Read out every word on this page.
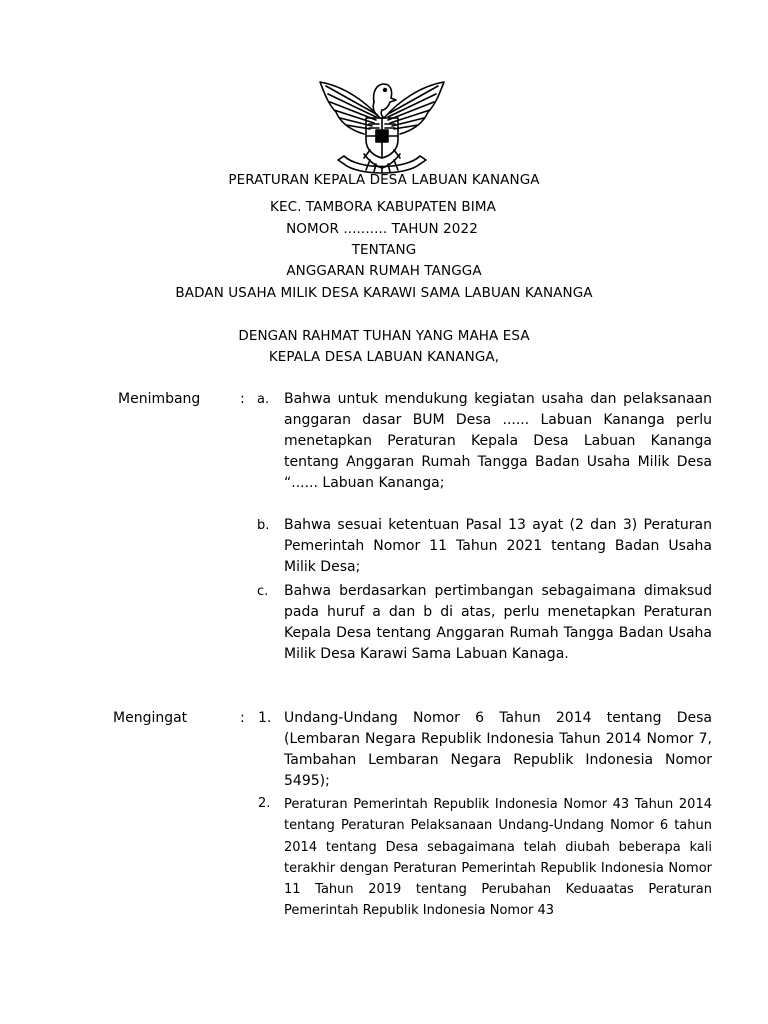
PERATURAN KEPALA DESA LABUAN KANANGA
KEC. TAMBORA KABUPATEN BIMA
NOMOR .......... TAHUN 2022
TENTANG
ANGGARAN RUMAH TANGGA
BADAN USAHA MILIK DESA KARAWI SAMA LABUAN KANANGA
DENGAN RAHMAT TUHAN YANG MAHA ESA
KEPALA DESA LABUAN KANANGA,
Menimbang	: a. Bahwa untuk mendukung kegiatan usaha dan pelaksanaan anggaran dasar BUM Desa ...... Labuan Kananga perlu menetapkan Peraturan Kepala Desa Labuan Kananga tentang Anggaran Rumah Tangga Badan Usaha Milik Desa “...... Labuan Kananga;
b. Bahwa sesuai ketentuan Pasal 13 ayat (2 dan 3) Peraturan Pemerintah Nomor 11 Tahun 2021 tentang Badan Usaha Milik Desa;
c. Bahwa berdasarkan pertimbangan sebagaimana dimaksud pada huruf a dan b di atas, perlu menetapkan Peraturan Kepala Desa tentang Anggaran Rumah Tangga Badan Usaha Milik Desa Karawi Sama Labuan Kanaga.
Mengingat	: 1. Undang-Undang Nomor 6 Tahun 2014 tentang Desa (Lembaran Negara Republik Indonesia Tahun 2014 Nomor 7, Tambahan Lembaran Negara Republik Indonesia Nomor 5495);
2. Peraturan Pemerintah Republik Indonesia Nomor 43 Tahun 2014 tentang Peraturan Pelaksanaan Undang-Undang Nomor 6 tahun 2014 tentang Desa sebagaimana telah diubah beberapa kali terakhir dengan Peraturan Pemerintah Republik Indonesia Nomor 11 Tahun 2019 tentang Perubahan Keduaatas Peraturan Pemerintah Republik Indonesia Nomor 43
